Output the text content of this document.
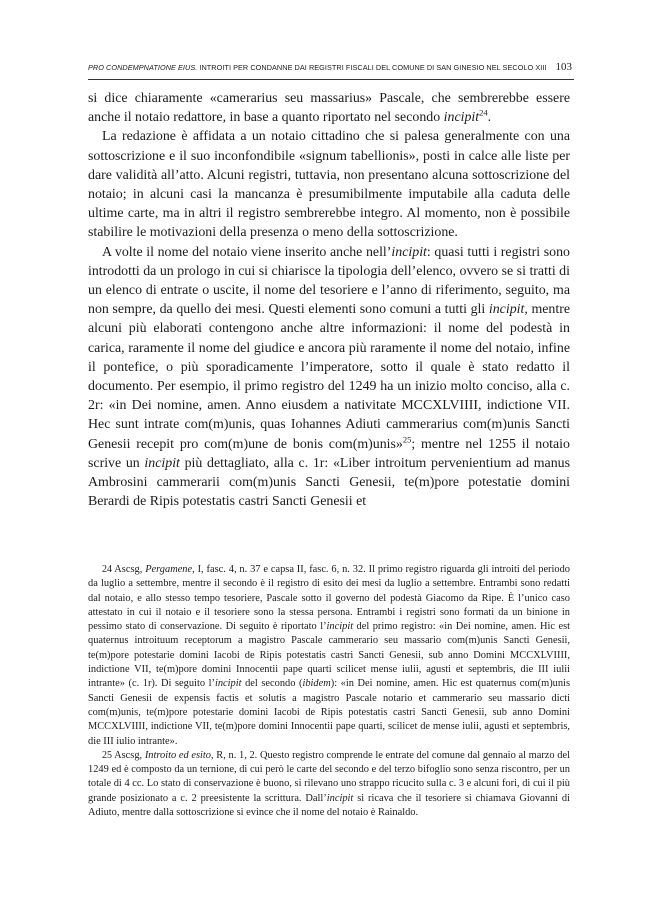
PRO CONDEMPNATIONE EIUS. INTROITI PER CONDANNE DAI REGISTRI FISCALI DEL COMUNE DI SAN GINESIO NEL SECOLO XIII 103

si dice chiaramente «camerarius seu massarius» Pascale, che sembrerebbe essere anche il notaio redattore, in base a quanto riportato nel secondo incipit$^{24}$.

La redazione è affidata a un notaio cittadino che si palesa generalmente con una sottoscrizione e il suo inconfondibile «signum tabellionis», posti in calce alle liste per dare validità all’atto. Alcuni registri, tuttavia, non presentano alcuna sottoscrizione del notaio; in alcuni casi la mancanza è presumibilmente imputabile alla caduta delle ultime carte, ma in altri il registro sembrerebbe integro. Al momento, non è possibile stabilire le motivazioni della presenza o meno della sottoscrizione.

A volte il nome del notaio viene inserito anche nell’incipit: quasi tutti i registri sono introdotti da un prologo in cui si chiarisce la tipologia dell’elenco, ovvero se si tratti di un elenco di entrate o uscite, il nome del tesoriere e l’anno di riferimento, seguito, ma non sempre, da quello dei mesi. Questi elementi sono comuni a tutti gli incipit, mentre alcuni più elaborati contengono anche altre informazioni: il nome del podestà in carica, raramente il nome del giudice e ancora più raramente il nome del notaio, infine il pontefice, o più sporadicamente l’imperatore, sotto il quale è stato redatto il documento. Per esempio, il primo registro del 1249 ha un inizio molto conciso, alla c. 2r: «in Dei nomine, amen. Anno eiusdem a nativitate MCCXLVIIII, indictione VII. Hec sunt intrate com(m)unis, quas Iohannes Adiuti cammerarius com(m)unis Sancti Genesii recepit pro com(m)une de bonis com(m)unis»$^{25}$; mentre nel 1255 il notaio scrive un incipit più dettagliato, alla c. 1r: «Liber introitum pervenientium ad manus Ambrosini cammerarii com(m)unis Sancti Genesii, te(m)pore potestatie domini Berardi de Ripis potestatis castri Sancti Genesii et

24 Ascsg, Pergamene, I, fasc. 4, n. 37 e capsa II, fasc. 6, n. 32. Il primo registro riguarda gli introiti del periodo da luglio a settembre, mentre il secondo è il registro di esito dei mesi da luglio a settembre. Entrambi sono redatti dal notaio, e allo stesso tempo tesoriere, Pascale sotto il governo del podestà Giacomo da Ripe. È l’unico caso attestato in cui il notaio e il tesoriere sono la stessa persona. Entrambi i registri sono formati da un binione in pessimo stato di conservazione. Di seguito è riportato l’incipit del primo registro: «in Dei nomine, amen. Hic est quaternus introituum receptorum a magistro Pascale cammerario seu massario com(m)unis Sancti Genesii, te(m)pore potestarie domini Iacobi de Ripis potestatis castri Sancti Genesii, sub anno Domini MCCXLVIIII, indictione VII, te(m)pore domini Innocentii pape quarti scilicet mense iulii, agusti et septembris, die III iulii intrante» (c. 1r). Di seguito l’incipit del secondo (ibidem): «in Dei nomine, amen. Hic est quaternus com(m)unis Sancti Genesii de expensis factis et solutis a magistro Pascale notario et cammerario seu massario dicti com(m)unis, te(m)pore potestarie domini Iacobi de Ripis potestatis castri Sancti Genesii, sub anno Domini MCCXLVIIII, indictione VII, te(m)pore domini Innocentii pape quarti, scilicet de mense iulii, agusti et septembris, die III iulio intrante».

25 Ascsg, Introito ed esito, R, n. 1, 2. Questo registro comprende le entrate del comune dal gennaio al marzo del 1249 ed è composto da un ternione, di cui però le carte del secondo e del terzo bifoglio sono senza riscontro, per un totale di 4 cc. Lo stato di conservazione è buono, si rilevano uno strappo ricucito sulla c. 3 e alcuni fori, di cui il più grande posizionato a c. 2 preesistente la scrittura. Dall’incipit si ricava che il tesoriere si chiamava Giovanni di Adiuto, mentre dalla sottoscrizione si evince che il nome del notaio è Rainaldo.
